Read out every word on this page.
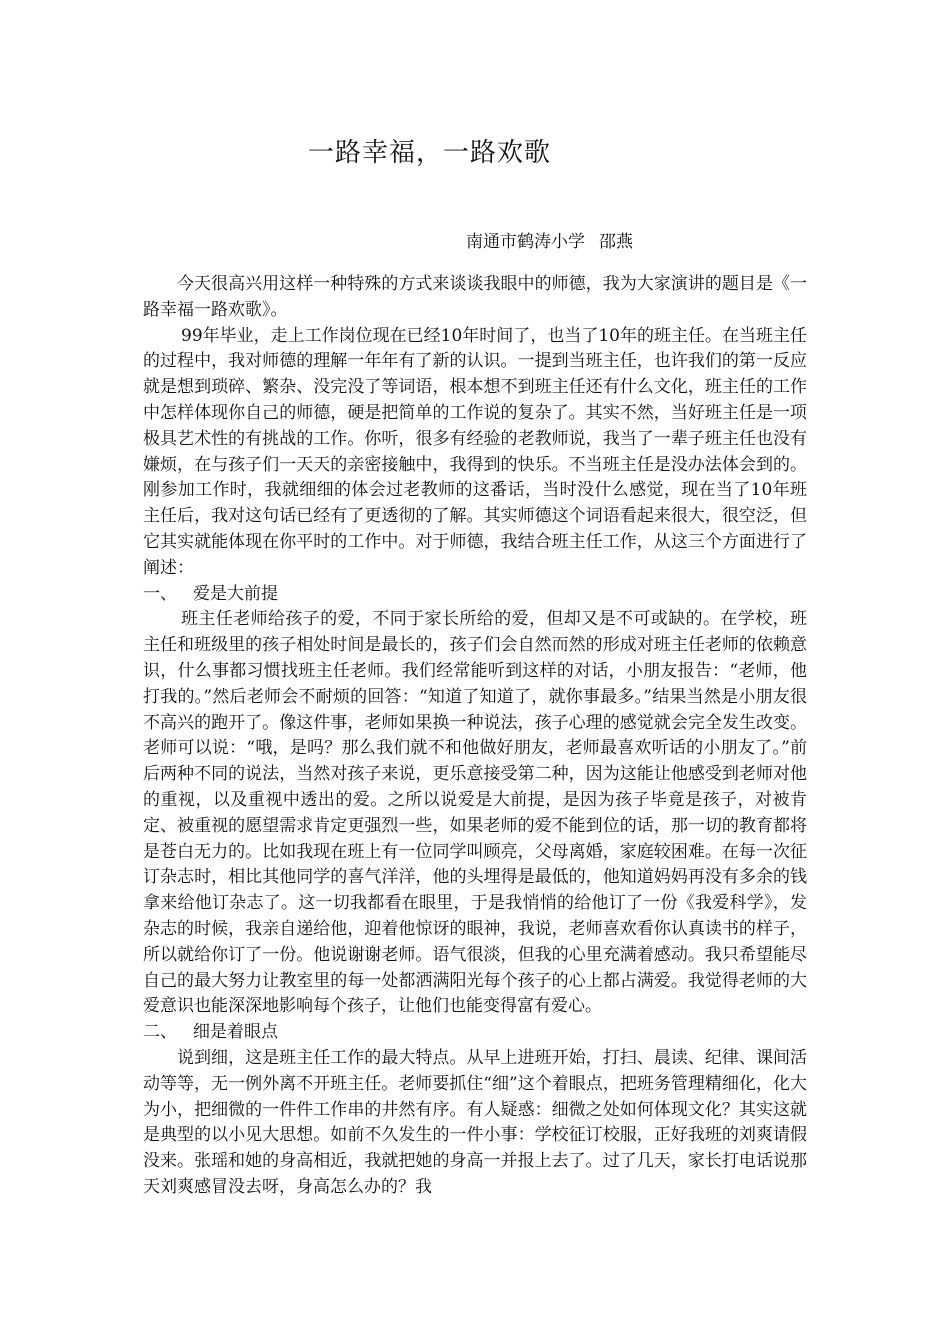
一路幸福，一路欢歌
南通市鹤涛小学 邵燕

今天很高兴用这样一种特殊的方式来谈谈我眼中的师德，我为大家演讲的题目是《一路幸福一路欢歌》。

99年毕业，走上工作岗位现在已经10年时间了，也当了10年的班主任。在当班主任的过程中，我对师德的理解一年年有了新的认识。一提到当班主任，也许我们的第一反应就是想到琐碎、繁杂、没完没了等词语，根本想不到班主任还有什么文化，班主任的工作中怎样体现你自己的师德，硬是把简单的工作说的复杂了。其实不然，当好班主任是一项极具艺术性的有挑战的工作。你听，很多有经验的老教师说，我当了一辈子班主任也没有嫌烦，在与孩子们一天天的亲密接触中，我得到的快乐。不当班主任是没办法体会到的。刚参加工作时，我就细细的体会过老教师的这番话，当时没什么感觉，现在当了10年班主任后，我对这句话已经有了更透彻的了解。其实师德这个词语看起来很大，很空泛，但它其实就能体现在你平时的工作中。对于师德，我结合班主任工作，从这三个方面进行了阐述：

一、 爱是大前提

班主任老师给孩子的爱，不同于家长所给的爱，但却又是不可或缺的。在学校，班主任和班级里的孩子相处时间是最长的，孩子们会自然而然的形成对班主任老师的依赖意识，什么事都习惯找班主任老师。我们经常能听到这样的对话，小朋友报告：“老师，他打我的。”然后老师会不耐烦的回答：“知道了知道了，就你事最多。”结果当然是小朋友很不高兴的跑开了。像这件事，老师如果换一种说法，孩子心理的感觉就会完全发生改变。老师可以说：“哦，是吗？那么我们就不和他做好朋友，老师最喜欢听话的小朋友了。”前后两种不同的说法，当然对孩子来说，更乐意接受第二种，因为这能让他感受到老师对他的重视，以及重视中透出的爱。之所以说爱是大前提，是因为孩子毕竟是孩子，对被肯定、被重视的愿望需求肯定更强烈一些，如果老师的爱不能到位的话，那一切的教育都将是苍白无力的。比如我现在班上有一位同学叫顾亮，父母离婚，家庭较困难。在每一次征订杂志时，相比其他同学的喜气洋洋，他的头埋得是最低的，他知道妈妈再没有多余的钱拿来给他订杂志了。这一切我都看在眼里，于是我悄悄的给他订了一份《我爱科学》，发杂志的时候，我亲自递给他，迎着他惊讶的眼神，我说，老师喜欢看你认真读书的样子，所以就给你订了一份。他说谢谢老师。语气很淡，但我的心里充满着感动。我只希望能尽自己的最大努力让教室里的每一处都洒满阳光每个孩子的心上都占满爱。我觉得老师的大爱意识也能深深地影响每个孩子，让他们也能变得富有爱心。

二、 细是着眼点

说到细，这是班主任工作的最大特点。从早上进班开始，打扫、晨读、纪律、课间活动等等，无一例外离不开班主任。老师要抓住“细”这个着眼点，把班务管理精细化，化大为小，把细微的一件件工作串的井然有序。有人疑惑：细微之处如何体现文化？其实这就是典型的以小见大思想。如前不久发生的一件小事：学校征订校服，正好我班的刘爽请假没来。张瑶和她的身高相近，我就把她的身高一并报上去了。过了几天，家长打电话说那天刘爽感冒没去呀，身高怎么办的？我
